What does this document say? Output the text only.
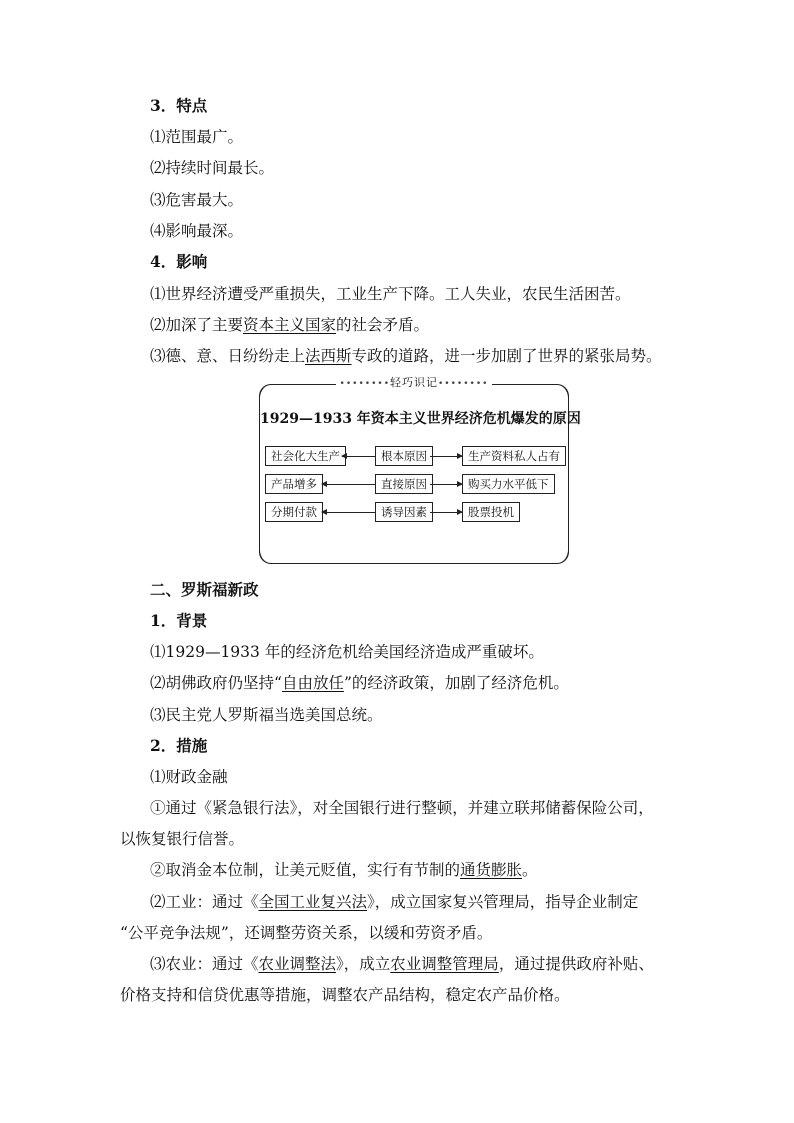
3．特点
⑴范围最广。
⑵持续时间最长。
⑶危害最大。
⑷影响最深。
4．影响
⑴世界经济遭受严重损失，工业生产下降。工人失业，农民生活困苦。
⑵加深了主要资本主义国家的社会矛盾。
⑶德、意、日纷纷走上法西斯专政的道路，进一步加剧了世界的紧张局势。
••••••••轻巧识记••••••••
1929—1933 年资本主义世界经济危机爆发的原因
社会化大生产	根本原因	生产资料私人占有
产品增多	直接原因	购买力水平低下
分期付款	诱导因素	股票投机
二、罗斯福新政
1．背景
⑴1929—1933 年的经济危机给美国经济造成严重破坏。
⑵胡佛政府仍坚持“自由放任”的经济政策，加剧了经济危机。
⑶民主党人罗斯福当选美国总统。
2．措施
⑴财政金融
①通过《紧急银行法》，对全国银行进行整顿，并建立联邦储蓄保险公司，
以恢复银行信誉。
②取消金本位制，让美元贬值，实行有节制的通货膨胀。
⑵工业：通过《全国工业复兴法》，成立国家复兴管理局，指导企业制定
“公平竞争法规”，还调整劳资关系，以缓和劳资矛盾。
⑶农业：通过《农业调整法》，成立农业调整管理局，通过提供政府补贴、
价格支持和信贷优惠等措施，调整农产品结构，稳定农产品价格。
